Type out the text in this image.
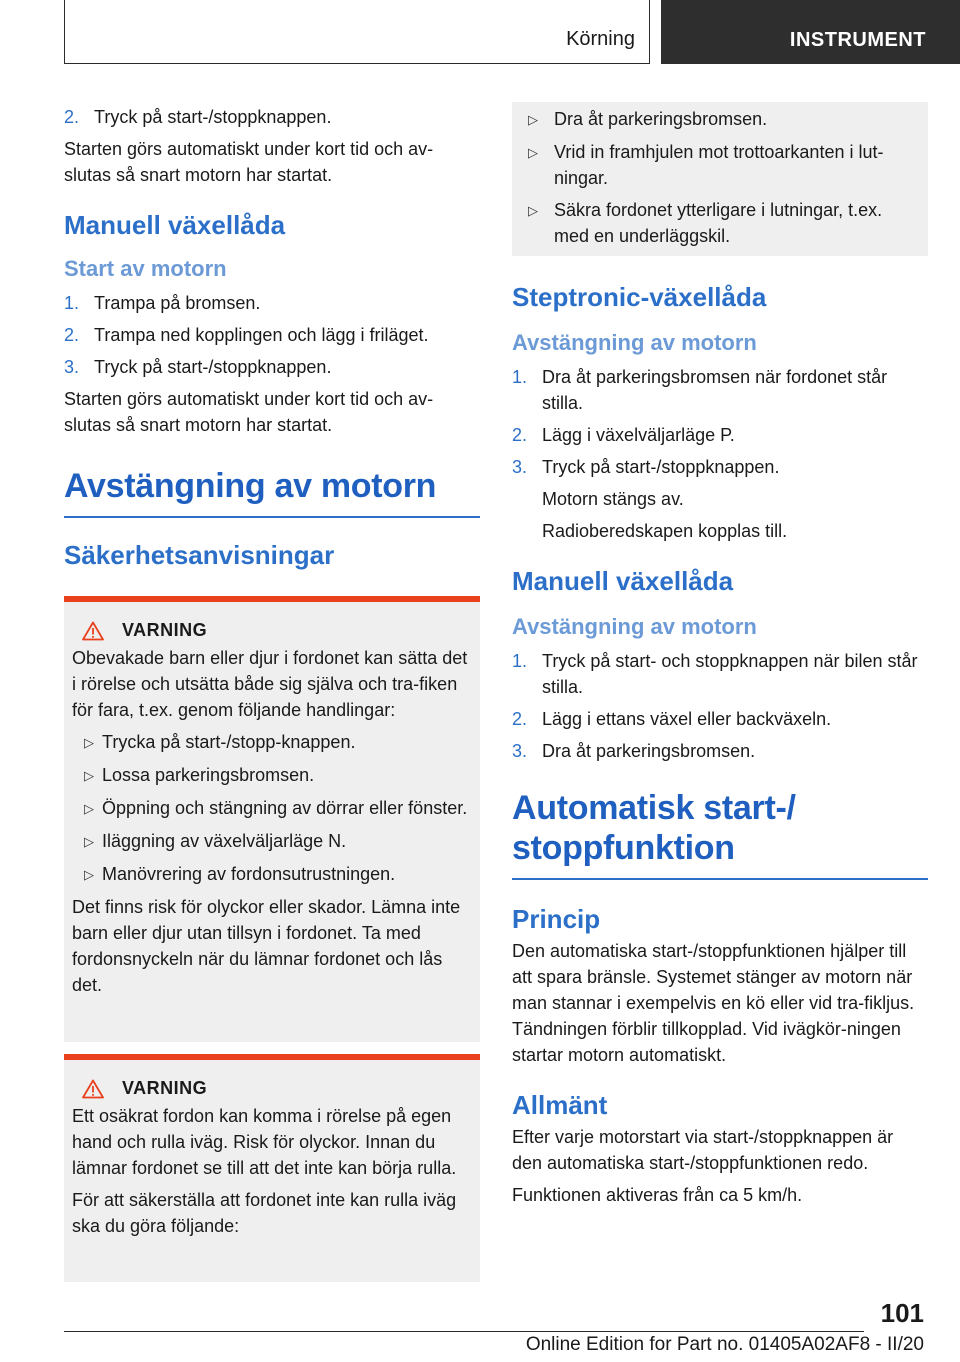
Körning	INSTRUMENT
2. Tryck på start-/stoppknappen.

Starten görs automatiskt under kort tid och av-slutas så snart motorn har startat.

Manuell växellåda
Start av motorn
1. Trampa på bromsen.
2. Trampa ned kopplingen och lägg i friläget.
3. Tryck på start-/stoppknappen.

Starten görs automatiskt under kort tid och av-slutas så snart motorn har startat.

Avstängning av motorn
Säkerhetsanvisningar
VARNING

Obevakade barn eller djur i fordonet kan sätta det i rörelse och utsätta både sig själva och tra-fiken för fara, t.ex. genom följande handlingar:

▷ Trycka på start-/stopp-knappen.
▷ Lossa parkeringsbromsen.
▷ Öppning och stängning av dörrar eller fönster.
▷ Iläggning av växelväljarläge N.
▷ Manövrering av fordonsutrustningen.

Det finns risk för olyckor eller skador. Lämna inte barn eller djur utan tillsyn i fordonet. Ta med fordonsnyckeln när du lämnar fordonet och lås det.

VARNING

Ett osäkrat fordon kan komma i rörelse på egen hand och rulla iväg. Risk för olyckor. Innan du lämnar fordonet se till att det inte kan börja rulla.

För att säkerställa att fordonet inte kan rulla iväg ska du göra följande:

▷ Dra åt parkeringsbromsen.
▷ Vrid in framhjulen mot trottoarkanten i lut-ningar.
▷ Säkra fordonet ytterligare i lutningar, t.ex. med en underläggskil.
Steptronic-växellåda
Avstängning av motorn
1. Dra åt parkeringsbromsen när fordonet står stilla.
2. Lägg i växelväljarläge P.
3. Tryck på start-/stoppknappen.

Motorn stängs av.

Radioberedskapen kopplas till.

Manuell växellåda
Avstängning av motorn
1. Tryck på start- och stoppknappen när bilen står stilla.
2. Lägg i ettans växel eller backväxeln.
3. Dra åt parkeringsbromsen.
Automatisk start-/ stoppfunktion
Princip

Den automatiska start-/stoppfunktionen hjälper till att spara bränsle. Systemet stänger av motorn när man stannar i exempelvis en kö eller vid tra-fikljus. Tändningen förblir tillkopplad. Vid ivägkör-ningen startar motorn automatiskt.

Allmänt

Efter varje motorstart via start-/stoppknappen är den automatiska start-/stoppfunktionen redo.

Funktionen aktiveras från ca 5 km/h.

101
Online Edition for Part no. 01405A02AF8 - II/20
